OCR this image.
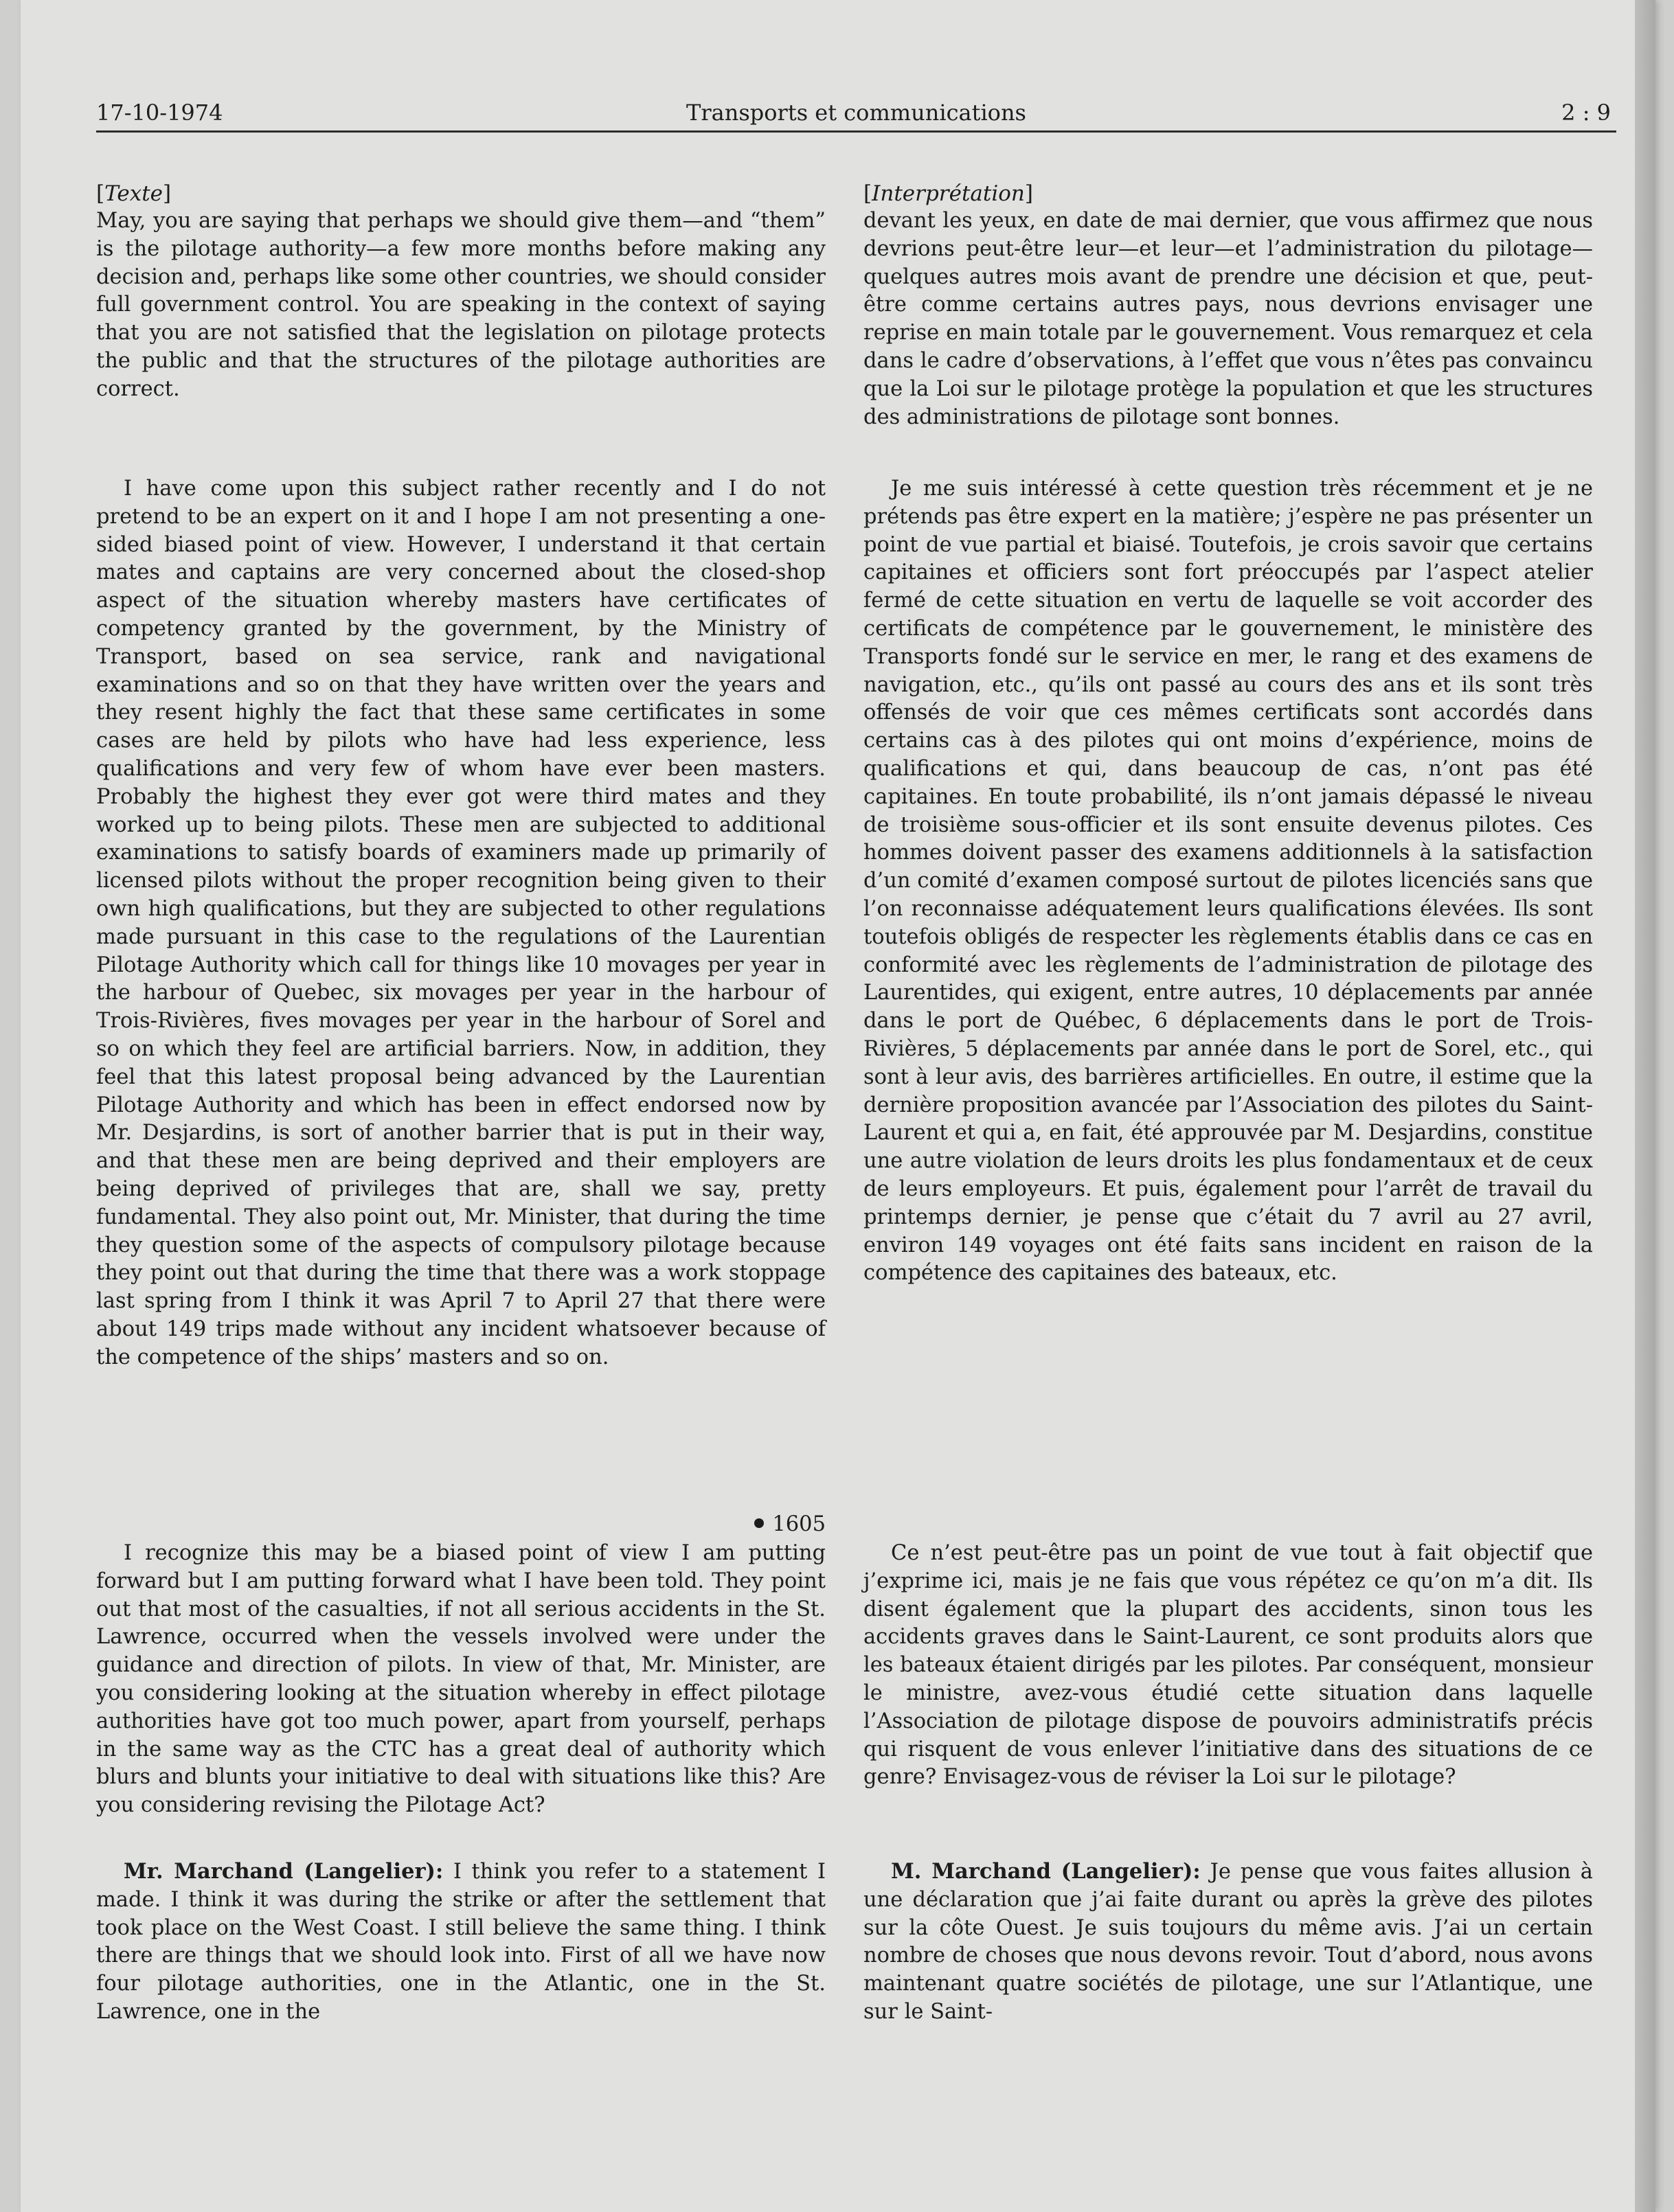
17-10-1974	Transports et communications	2 : 9

[Texte]

May, you are saying that perhaps we should give them—and “them” is the pilotage authority—a few more months before making any decision and, perhaps like some other countries, we should consider full government control. You are speaking in the context of saying that you are not satisfied that the legislation on pilotage protects the public and that the structures of the pilotage authorities are correct.

I have come upon this subject rather recently and I do not pretend to be an expert on it and I hope I am not presenting a one-sided biased point of view. However, I understand it that certain mates and captains are very concerned about the closed-shop aspect of the situation whereby masters have certificates of competency granted by the government, by the Ministry of Transport, based on sea service, rank and navigational examinations and so on that they have written over the years and they resent highly the fact that these same certificates in some cases are held by pilots who have had less experience, less qualifications and very few of whom have ever been masters. Probably the highest they ever got were third mates and they worked up to being pilots. These men are subjected to additional examinations to satisfy boards of examiners made up primarily of licensed pilots without the proper recognition being given to their own high qualifications, but they are subjected to other regulations made pursuant in this case to the regulations of the Laurentian Pilotage Authority which call for things like 10 movages per year in the harbour of Quebec, six movages per year in the harbour of Trois-Rivières, fives movages per year in the harbour of Sorel and so on which they feel are artificial barriers. Now, in addition, they feel that this latest proposal being advanced by the Laurentian Pilotage Authority and which has been in effect endorsed now by Mr. Desjardins, is sort of another barrier that is put in their way, and that these men are being deprived and their employers are being deprived of privileges that are, shall we say, pretty fundamental. They also point out, Mr. Minister, that during the time they question some of the aspects of compulsory pilotage because they point out that during the time that there was a work stoppage last spring from I think it was April 7 to April 27 that there were about 149 trips made without any incident whatsoever because of the competence of the ships’ masters and so on.

1605

I recognize this may be a biased point of view I am putting forward but I am putting forward what I have been told. They point out that most of the casualties, if not all serious accidents in the St. Lawrence, occurred when the vessels involved were under the guidance and direction of pilots. In view of that, Mr. Minister, are you considering looking at the situation whereby in effect pilotage authorities have got too much power, apart from yourself, perhaps in the same way as the CTC has a great deal of authority which blurs and blunts your initiative to deal with situations like this? Are you considering revising the Pilotage Act?

Mr. Marchand (Langelier): I think you refer to a statement I made. I think it was during the strike or after the settlement that took place on the West Coast. I still believe the same thing. I think there are things that we should look into. First of all we have now four pilotage authorities, one in the Atlantic, one in the St. Lawrence, one in the

[Interprétation]

devant les yeux, en date de mai dernier, que vous affirmez que nous devrions peut-être leur—et leur—et l’administration du pilotage—quelques autres mois avant de prendre une décision et que, peut-être comme certains autres pays, nous devrions envisager une reprise en main totale par le gouvernement. Vous remarquez et cela dans le cadre d’observations, à l’effet que vous n’êtes pas convaincu que la Loi sur le pilotage protège la population et que les structures des administrations de pilotage sont bonnes.

Je me suis intéressé à cette question très récemment et je ne prétends pas être expert en la matière; j’espère ne pas présenter un point de vue partial et biaisé. Toutefois, je crois savoir que certains capitaines et officiers sont fort préoccupés par l’aspect atelier fermé de cette situation en vertu de laquelle se voit accorder des certificats de compétence par le gouvernement, le ministère des Transports fondé sur le service en mer, le rang et des examens de navigation, etc., qu’ils ont passé au cours des ans et ils sont très offensés de voir que ces mêmes certificats sont accordés dans certains cas à des pilotes qui ont moins d’expérience, moins de qualifications et qui, dans beaucoup de cas, n’ont pas été capitaines. En toute probabilité, ils n’ont jamais dépassé le niveau de troisième sous-officier et ils sont ensuite devenus pilotes. Ces hommes doivent passer des examens additionnels à la satisfaction d’un comité d’examen composé surtout de pilotes licenciés sans que l’on reconnaisse adéquatement leurs qualifications élevées. Ils sont toutefois obligés de respecter les règlements établis dans ce cas en conformité avec les règlements de l’administration de pilotage des Laurentides, qui exigent, entre autres, 10 déplacements par année dans le port de Québec, 6 déplacements dans le port de Trois-Rivières, 5 déplacements par année dans le port de Sorel, etc., qui sont à leur avis, des barrières artificielles. En outre, il estime que la dernière proposition avancée par l’Association des pilotes du Saint-Laurent et qui a, en fait, été approuvée par M. Desjardins, constitue une autre violation de leurs droits les plus fondamentaux et de ceux de leurs employeurs. Et puis, également pour l’arrêt de travail du printemps dernier, je pense que c’était du 7 avril au 27 avril, environ 149 voyages ont été faits sans incident en raison de la compétence des capitaines des bateaux, etc.

Ce n’est peut-être pas un point de vue tout à fait objectif que j’exprime ici, mais je ne fais que vous répétez ce qu’on m’a dit. Ils disent également que la plupart des accidents, sinon tous les accidents graves dans le Saint-Laurent, ce sont produits alors que les bateaux étaient dirigés par les pilotes. Par conséquent, monsieur le ministre, avez-vous étudié cette situation dans laquelle l’Association de pilotage dispose de pouvoirs administratifs précis qui risquent de vous enlever l’initiative dans des situations de ce genre? Envisagez-vous de réviser la Loi sur le pilotage?

M. Marchand (Langelier): Je pense que vous faites allusion à une déclaration que j’ai faite durant ou après la grève des pilotes sur la côte Ouest. Je suis toujours du même avis. J’ai un certain nombre de choses que nous devons revoir. Tout d’abord, nous avons maintenant quatre sociétés de pilotage, une sur l’Atlantique, une sur le Saint-
